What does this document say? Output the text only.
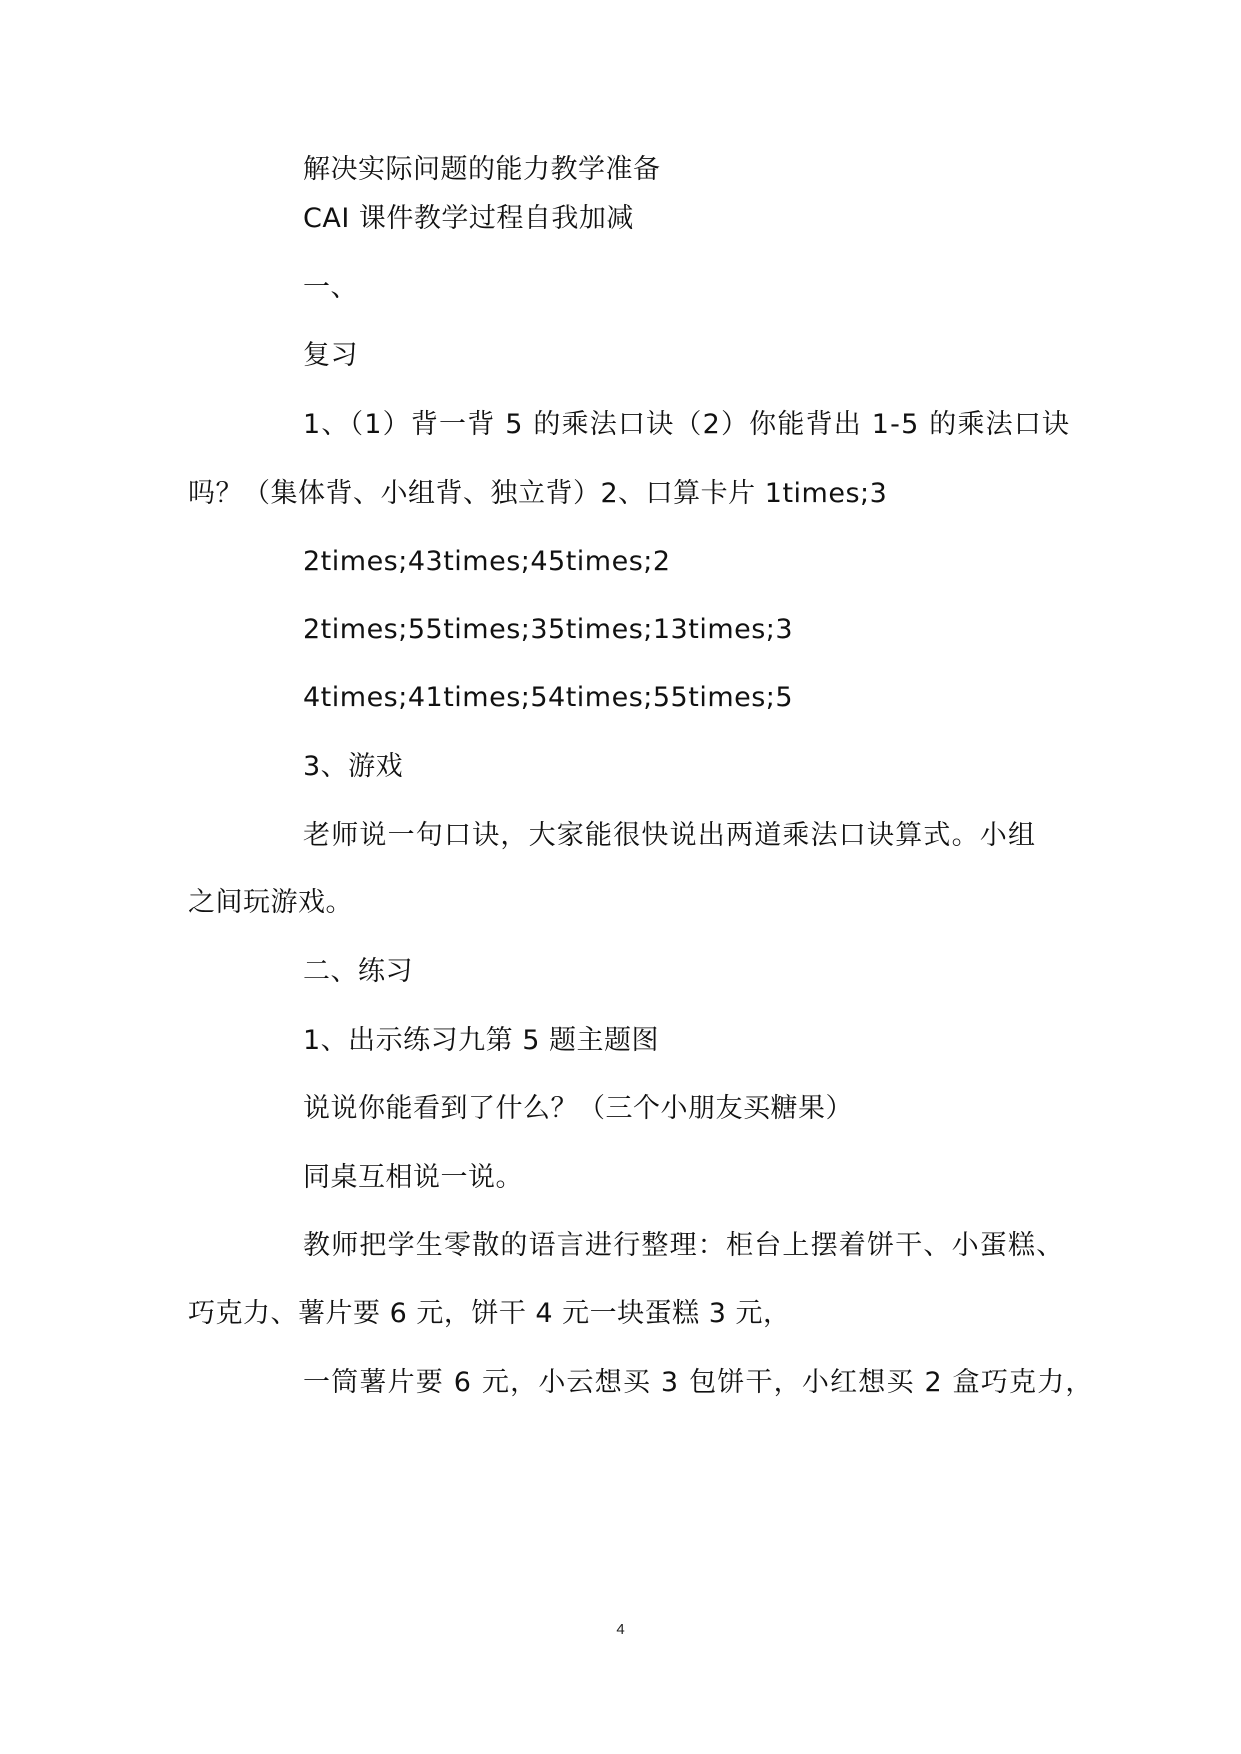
解决实际问题的能力教学准备
CAI 课件教学过程自我加减
一、
复习
1、（1）背一背 5 的乘法口诀（2）你能背出 1-5 的乘法口诀
吗？（集体背、小组背、独立背）2、口算卡片 1times;3
2times;43times;45times;2
2times;55times;35times;13times;3
4times;41times;54times;55times;5
3、游戏
老师说一句口诀，大家能很快说出两道乘法口诀算式。小组
之间玩游戏。
二、练习
1、出示练习九第 5 题主题图
说说你能看到了什么？（三个小朋友买糖果）
同桌互相说一说。
教师把学生零散的语言进行整理：柜台上摆着饼干、小蛋糕、
巧克力、薯片要 6 元，饼干 4 元一块蛋糕 3 元，
一筒薯片要 6 元，小云想买 3 包饼干，小红想买 2 盒巧克力，
4
